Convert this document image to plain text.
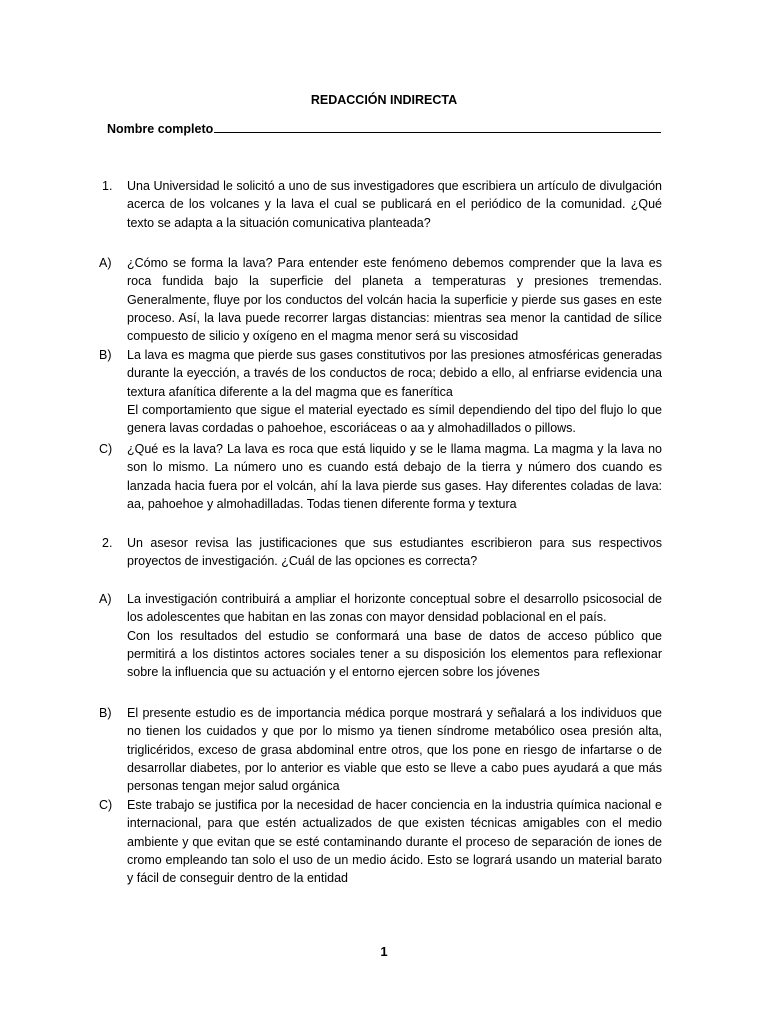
REDACCIÓN INDIRECTA
Nombre completo
1. Una Universidad le solicitó a uno de sus investigadores que escribiera un artículo de divulgación acerca de los volcanes y la lava el cual se publicará en el periódico de la comunidad. ¿Qué texto se adapta a la situación comunicativa planteada?

A) ¿Cómo se forma la lava? Para entender este fenómeno debemos comprender que la lava es roca fundida bajo la superficie del planeta a temperaturas y presiones tremendas. Generalmente, fluye por los conductos del volcán hacia la superficie y pierde sus gases en este proceso. Así, la lava puede recorrer largas distancias: mientras sea menor la cantidad de sílice compuesto de silicio y oxígeno en el magma menor será su viscosidad

B) La lava es magma que pierde sus gases constitutivos por las presiones atmosféricas generadas durante la eyección, a través de los conductos de roca; debido a ello, al enfriarse evidencia una textura afanítica diferente a la del magma que es fanerítica

El comportamiento que sigue el material eyectado es símil dependiendo del tipo del flujo lo que genera lavas cordadas o pahoehoe, escoriáceas o aa y almohadillados o pillows.

C) ¿Qué es la lava? La lava es roca que está liquido y se le llama magma. La magma y la lava no son lo mismo. La número uno es cuando está debajo de la tierra y número dos cuando es lanzada hacia fuera por el volcán, ahí la lava pierde sus gases. Hay diferentes coladas de lava: aa, pahoehoe y almohadilladas. Todas tienen diferente forma y textura

2. Un asesor revisa las justificaciones que sus estudiantes escribieron para sus respectivos proyectos de investigación. ¿Cuál de las opciones es correcta?

A) La investigación contribuirá a ampliar el horizonte conceptual sobre el desarrollo psicosocial de los adolescentes que habitan en las zonas con mayor densidad poblacional en el país.

Con los resultados del estudio se conformará una base de datos de acceso público que permitirá a los distintos actores sociales tener a su disposición los elementos para reflexionar sobre la influencia que su actuación y el entorno ejercen sobre los jóvenes

B) El presente estudio es de importancia médica porque mostrará y señalará a los individuos que no tienen los cuidados y que por lo mismo ya tienen síndrome metabólico osea presión alta, triglicéridos, exceso de grasa abdominal entre otros, que los pone en riesgo de infartarse o de desarrollar diabetes, por lo anterior es viable que esto se lleve a cabo pues ayudará a que más personas tengan mejor salud orgánica

C) Este trabajo se justifica por la necesidad de hacer conciencia en la industria química nacional e internacional, para que estén actualizados de que existen técnicas amigables con el medio ambiente y que evitan que se esté contaminando durante el proceso de separación de iones de cromo empleando tan solo el uso de un medio ácido. Esto se logrará usando un material barato y fácil de conseguir dentro de la entidad

1
